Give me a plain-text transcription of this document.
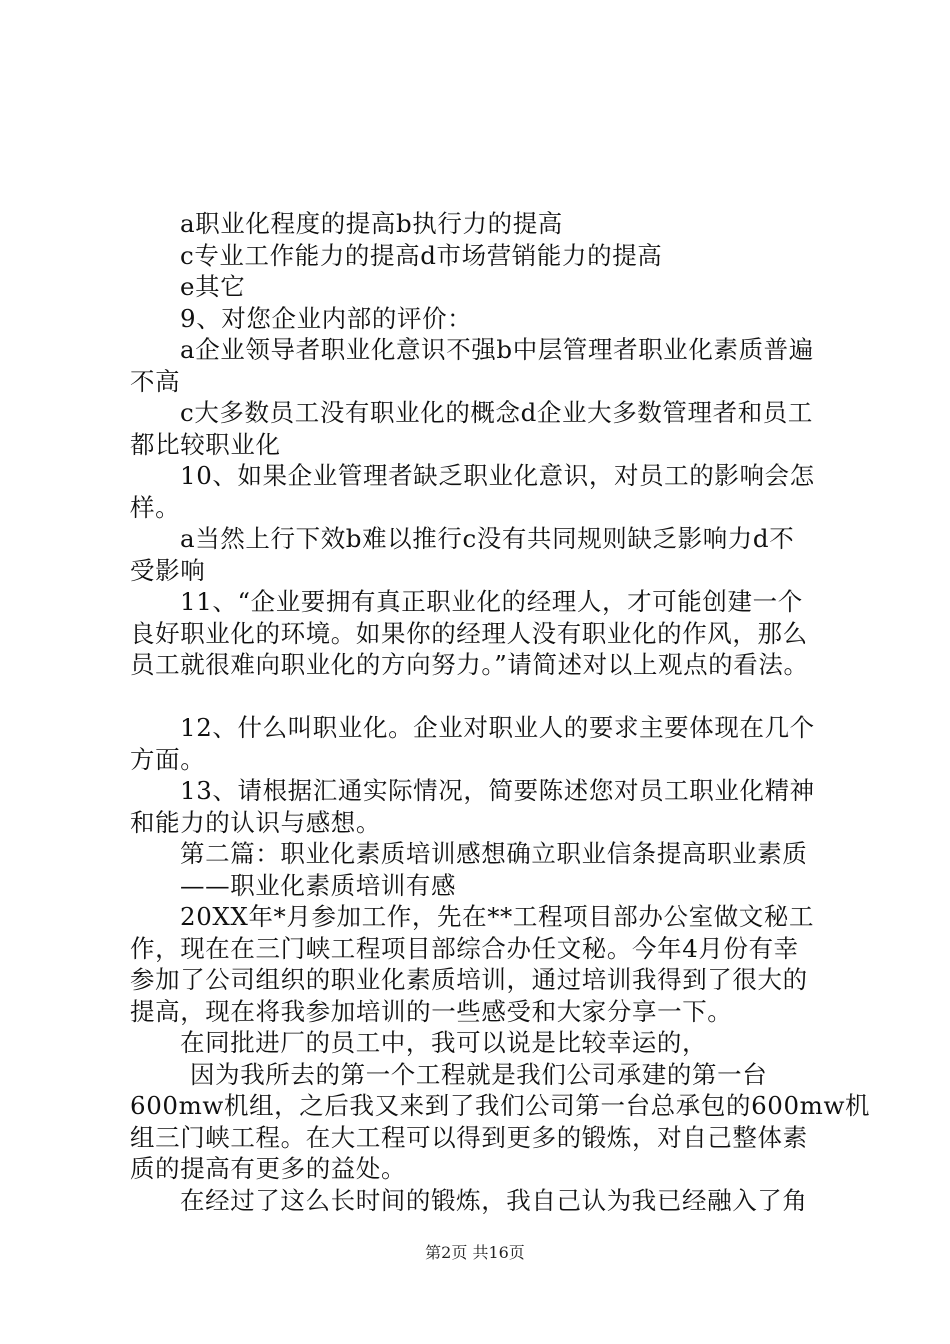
a职业化程度的提高b执行力的提高
c专业工作能力的提高d市场营销能力的提高
e其它
9、对您企业内部的评价：
a企业领导者职业化意识不强b中层管理者职业化素质普遍
不高
c大多数员工没有职业化的概念d企业大多数管理者和员工
都比较职业化
10、如果企业管理者缺乏职业化意识，对员工的影响会怎
样。
a当然上行下效b难以推行c没有共同规则缺乏影响力d不
受影响
11、“企业要拥有真正职业化的经理人，才可能创建一个
良好职业化的环境。如果你的经理人没有职业化的作风，那么
员工就很难向职业化的方向努力。”请简述对以上观点的看法。
12、什么叫职业化。企业对职业人的要求主要体现在几个
方面。
13、请根据汇通实际情况，简要陈述您对员工职业化精神
和能力的认识与感想。
第二篇：职业化素质培训感想确立职业信条提高职业素质
——职业化素质培训有感
20XX年*月参加工作，先在**工程项目部办公室做文秘工
作，现在在三门峡工程项目部综合办任文秘。今年4月份有幸
参加了公司组织的职业化素质培训，通过培训我得到了很大的
提高，现在将我参加培训的一些感受和大家分享一下。
在同批进厂的员工中，我可以说是比较幸运的，
因为我所去的第一个工程就是我们公司承建的第一台
600mw机组，之后我又来到了我们公司第一台总承包的600mw机
组三门峡工程。在大工程可以得到更多的锻炼，对自己整体素
质的提高有更多的益处。
在经过了这么长时间的锻炼，我自己认为我已经融入了角
第2页 共16页
